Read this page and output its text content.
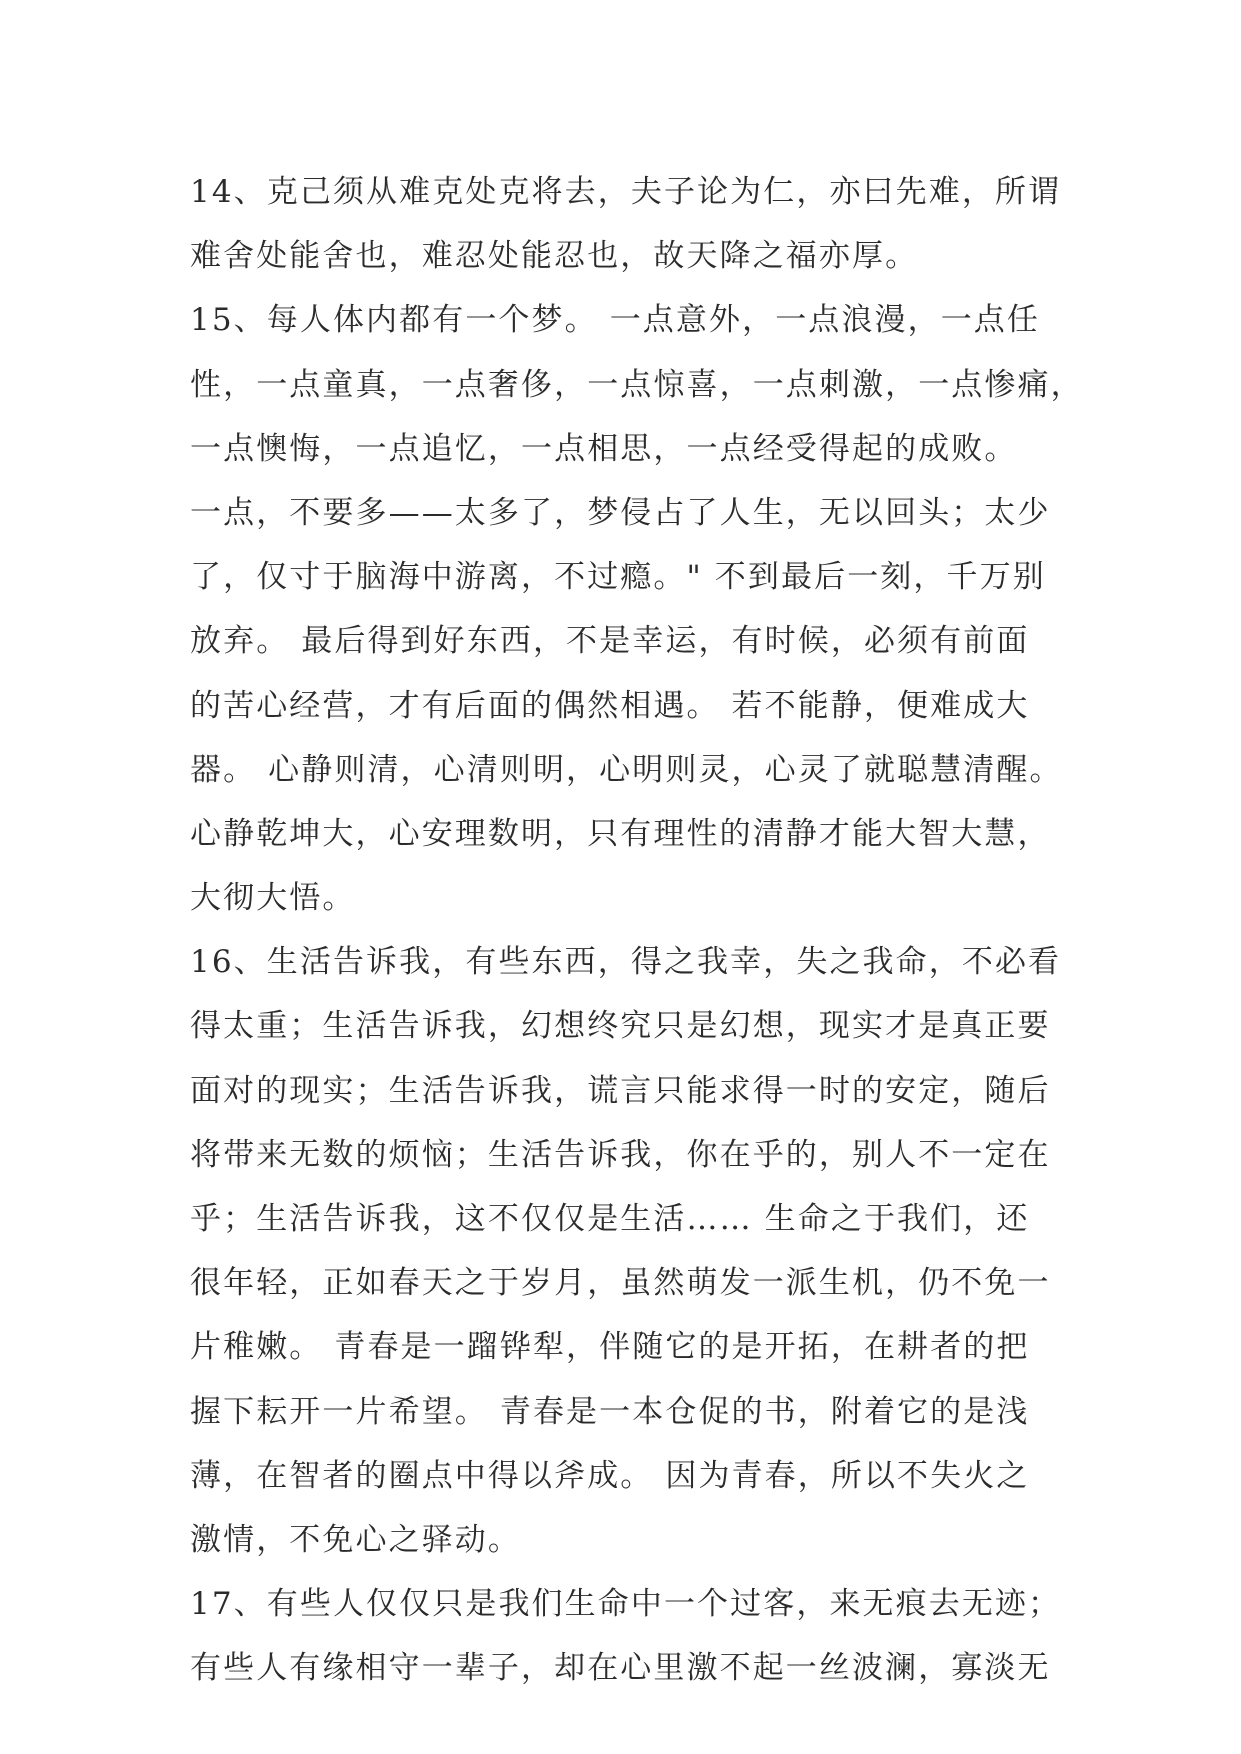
14、克己须从难克处克将去，夫子论为仁，亦曰先难，所谓
难舍处能舍也，难忍处能忍也，故天降之福亦厚。
15、每人体内都有一个梦。 一点意外，一点浪漫，一点任
性，一点童真，一点奢侈，一点惊喜，一点刺激，一点惨痛，
一点懊悔，一点追忆，一点相思，一点经受得起的成败。
一点，不要多——太多了，梦侵占了人生，无以回头；太少
了，仅寸于脑海中游离，不过瘾。" 不到最后一刻，千万别
放弃。 最后得到好东西，不是幸运，有时候，必须有前面
的苦心经营，才有后面的偶然相遇。 若不能静，便难成大
器。 心静则清，心清则明，心明则灵，心灵了就聪慧清醒。
心静乾坤大，心安理数明，只有理性的清静才能大智大慧，
大彻大悟。
16、生活告诉我，有些东西，得之我幸，失之我命，不必看
得太重；生活告诉我，幻想终究只是幻想，现实才是真正要
面对的现实；生活告诉我，谎言只能求得一时的安定，随后
将带来无数的烦恼；生活告诉我，你在乎的，别人不一定在
乎；生活告诉我，这不仅仅是生活…… 生命之于我们，还
很年轻，正如春天之于岁月，虽然萌发一派生机，仍不免一
片稚嫩。 青春是一蹓铧犁，伴随它的是开拓，在耕者的把
握下耘开一片希望。 青春是一本仓促的书，附着它的是浅
薄，在智者的圈点中得以斧成。 因为青春，所以不失火之
激情，不免心之驿动。
17、有些人仅仅只是我们生命中一个过客，来无痕去无迹；
有些人有缘相守一辈子，却在心里激不起一丝波澜，寡淡无
